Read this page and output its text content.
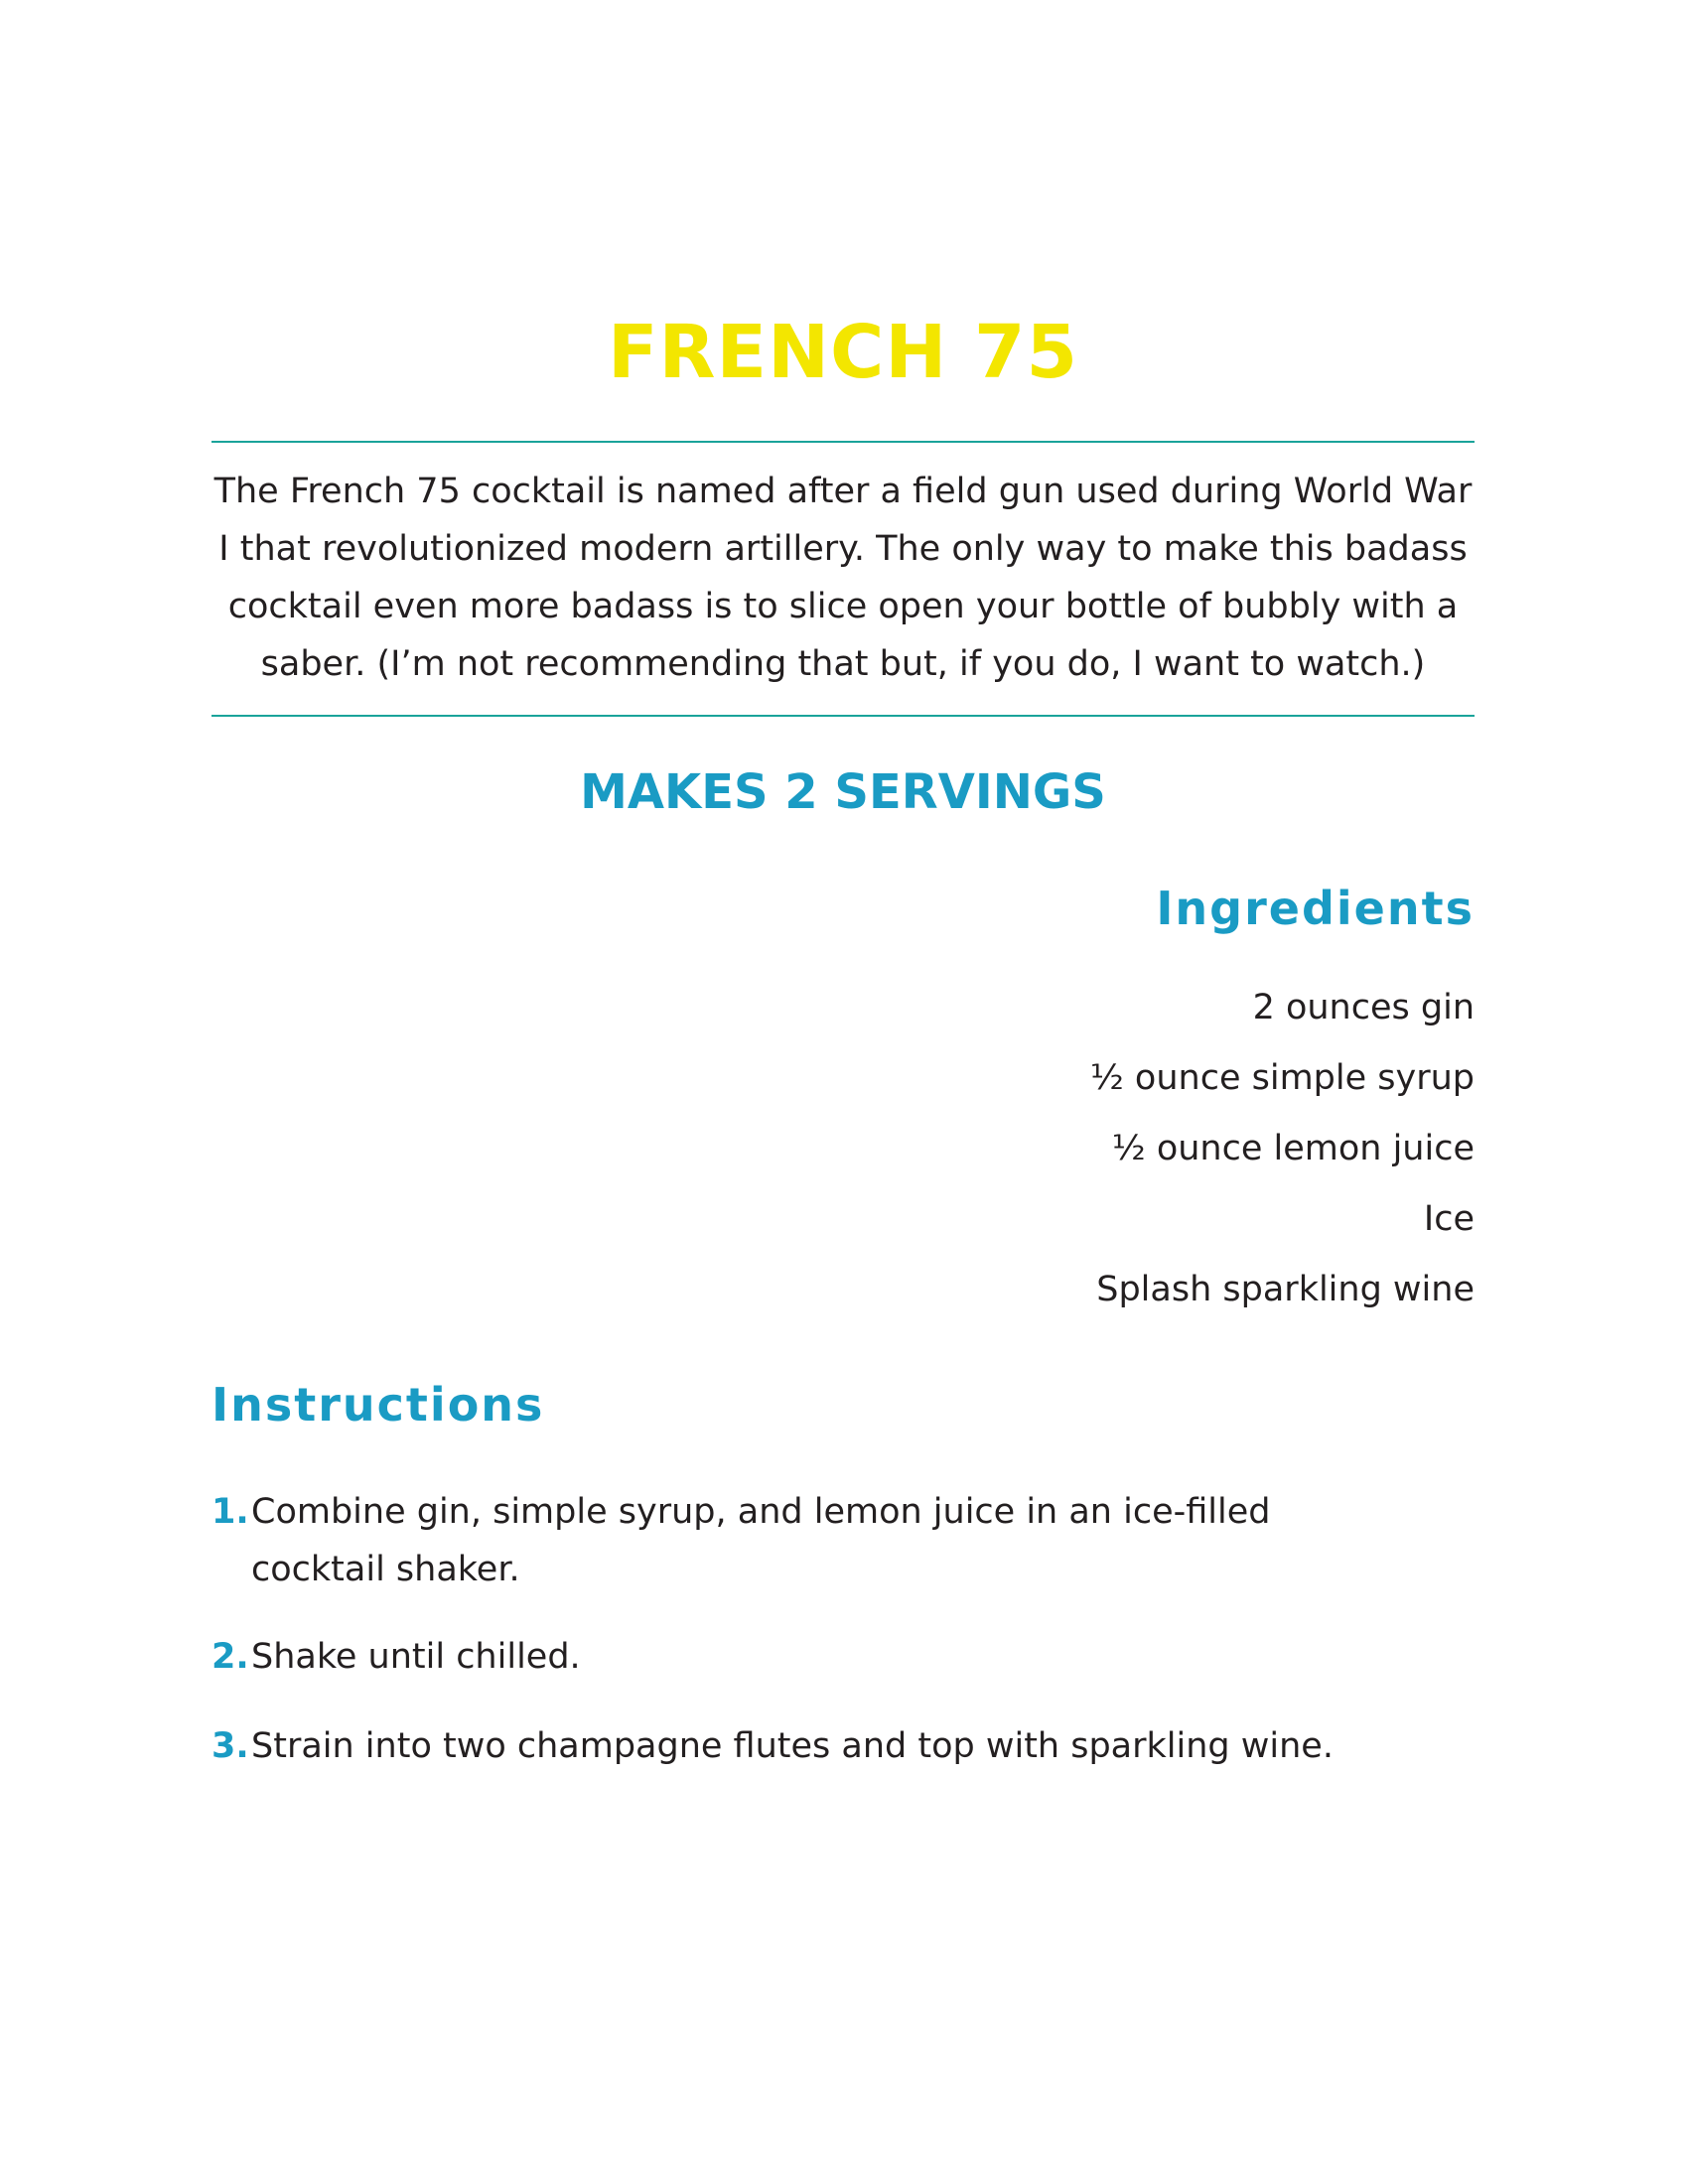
FRENCH 75

The French 75 cocktail is named after a field gun used during World War I that revolutionized modern artillery. The only way to make this badass cocktail even more badass is to slice open your bottle of bubbly with a saber. (I’m not recommending that but, if you do, I want to watch.)

MAKES 2 SERVINGS
Ingredients
2 ounces gin
½ ounce simple syrup
½ ounce lemon juice
Ice
Splash sparkling wine
Instructions
1. Combine gin, simple syrup, and lemon juice in an ice-filled cocktail shaker.
2. Shake until chilled.
3. Strain into two champagne flutes and top with sparkling wine.
